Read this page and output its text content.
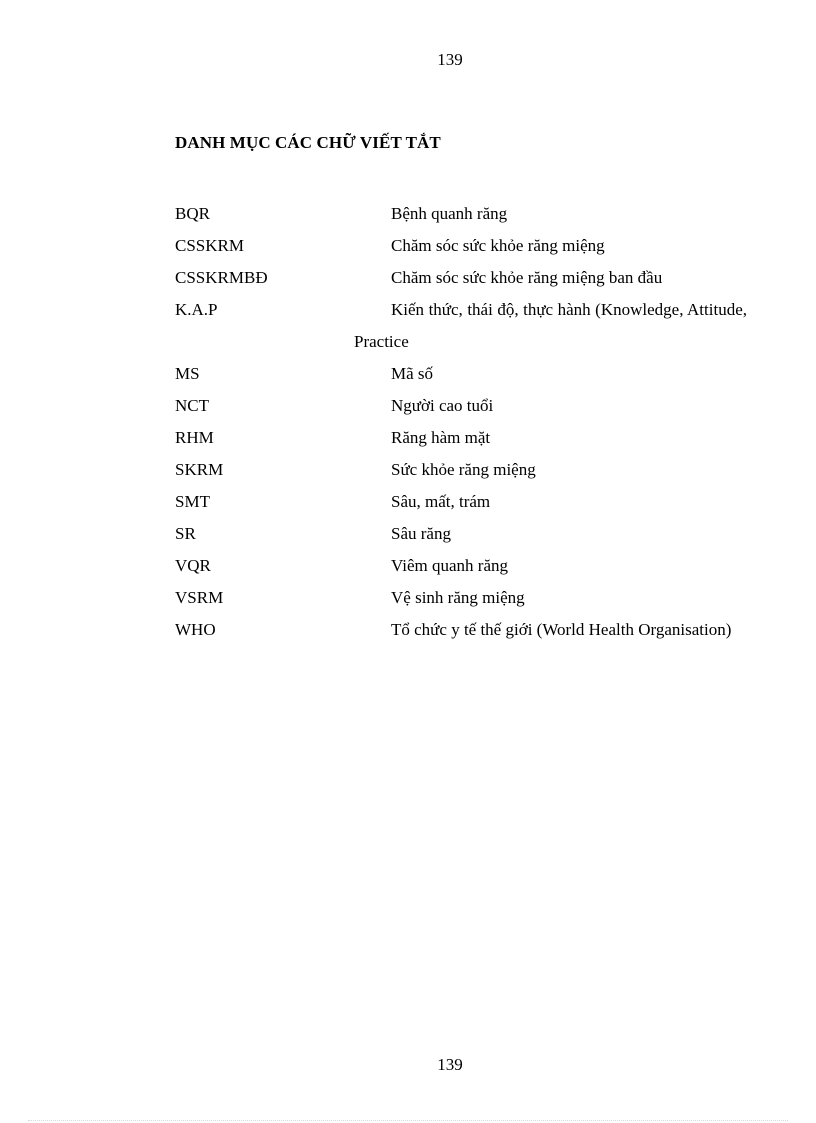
139
DANH MỤC CÁC CHỮ VIẾT TẮT
BQR	Bệnh quanh răng
CSSKRM	Chăm sóc sức khỏe răng miệng
CSSKRMBĐ	Chăm sóc sức khỏe răng miệng ban đầu
K.A.P	Kiến thức, thái độ, thực hành (Knowledge, Attitude, Practice
MS	Mã số
NCT	Người cao tuổi
RHM	Răng hàm mặt
SKRM	Sức khỏe răng miệng
SMT	Sâu, mất, trám
SR	Sâu răng
VQR	Viêm quanh răng
VSRM	Vệ sinh răng miệng
WHO	Tổ chức y tế thế giới (World Health Organisation)
139
